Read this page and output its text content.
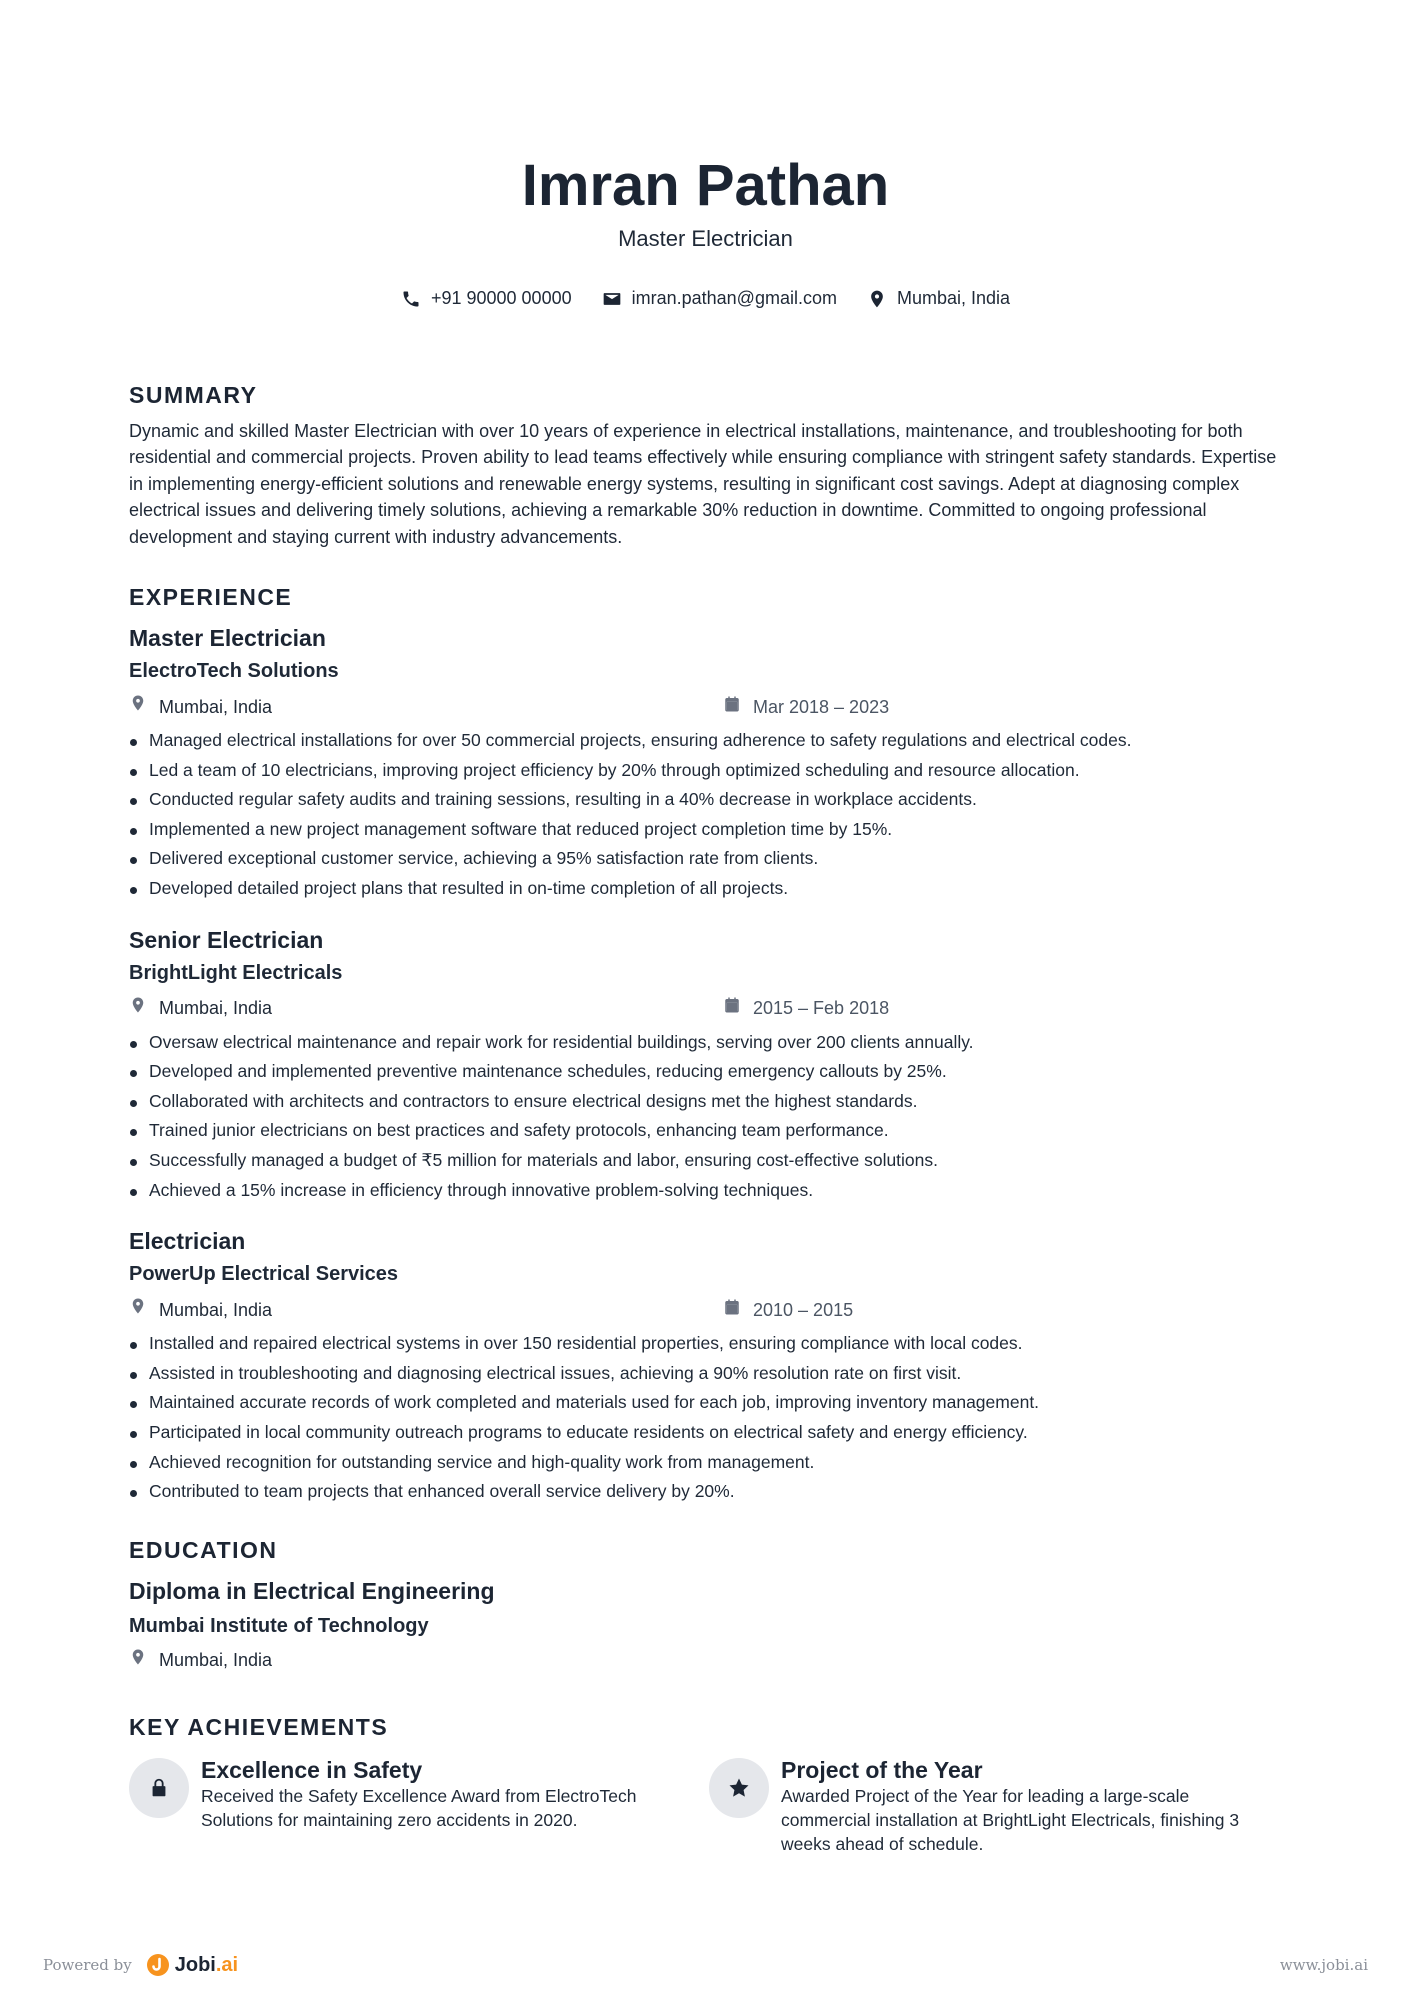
Imran Pathan
Master Electrician
+91 90000 00000	imran.pathan@gmail.com	Mumbai, India
SUMMARY
Dynamic and skilled Master Electrician with over 10 years of experience in electrical installations, maintenance, and troubleshooting for both residential and commercial projects. Proven ability to lead teams effectively while ensuring compliance with stringent safety standards. Expertise in implementing energy-efficient solutions and renewable energy systems, resulting in significant cost savings. Adept at diagnosing complex electrical issues and delivering timely solutions, achieving a remarkable 30% reduction in downtime. Committed to ongoing professional development and staying current with industry advancements.
EXPERIENCE
Master Electrician
ElectroTech Solutions
Mumbai, India	Mar 2018 – 2023
Managed electrical installations for over 50 commercial projects, ensuring adherence to safety regulations and electrical codes.
Led a team of 10 electricians, improving project efficiency by 20% through optimized scheduling and resource allocation.
Conducted regular safety audits and training sessions, resulting in a 40% decrease in workplace accidents.
Implemented a new project management software that reduced project completion time by 15%.
Delivered exceptional customer service, achieving a 95% satisfaction rate from clients.
Developed detailed project plans that resulted in on-time completion of all projects.
Senior Electrician
BrightLight Electricals
Mumbai, India	2015 – Feb 2018
Oversaw electrical maintenance and repair work for residential buildings, serving over 200 clients annually.
Developed and implemented preventive maintenance schedules, reducing emergency callouts by 25%.
Collaborated with architects and contractors to ensure electrical designs met the highest standards.
Trained junior electricians on best practices and safety protocols, enhancing team performance.
Successfully managed a budget of ₹5 million for materials and labor, ensuring cost-effective solutions.
Achieved a 15% increase in efficiency through innovative problem-solving techniques.
Electrician
PowerUp Electrical Services
Mumbai, India	2010 – 2015
Installed and repaired electrical systems in over 150 residential properties, ensuring compliance with local codes.
Assisted in troubleshooting and diagnosing electrical issues, achieving a 90% resolution rate on first visit.
Maintained accurate records of work completed and materials used for each job, improving inventory management.
Participated in local community outreach programs to educate residents on electrical safety and energy efficiency.
Achieved recognition for outstanding service and high-quality work from management.
Contributed to team projects that enhanced overall service delivery by 20%.
EDUCATION
Diploma in Electrical Engineering
Mumbai Institute of Technology
Mumbai, India
KEY ACHIEVEMENTS
Excellence in Safety
Received the Safety Excellence Award from ElectroTech Solutions for maintaining zero accidents in 2020.
Project of the Year
Awarded Project of the Year for leading a large-scale commercial installation at BrightLight Electricals, finishing 3 weeks ahead of schedule.
Powered by Jobi .ai	www.jobi.ai
